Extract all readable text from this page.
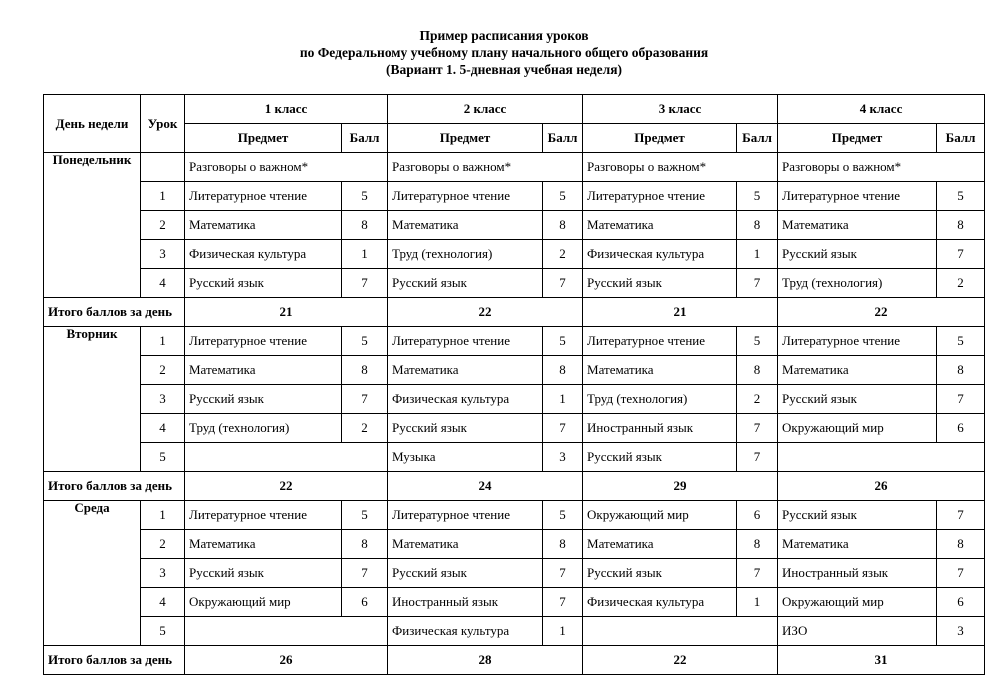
Пример расписания уроков
по Федеральному учебному плану начального общего образования
(Вариант 1. 5-дневная учебная неделя)
День недели	Урок	1 класс		2 класс		3 класс		4 класс	
		Предмет	Балл	Предмет	Балл	Предмет	Балл	Предмет	Балл
Понедельник		Разговоры о важном*		Разговоры о важном*		Разговоры о важном*		Разговоры о важном*	
	1	Литературное чтение	5	Литературное чтение	5	Литературное чтение	5	Литературное чтение	5
	2	Математика	8	Математика	8	Математика	8	Математика	8
	3	Физическая культура	1	Труд (технология)	2	Физическая культура	1	Русский язык	7
	4	Русский язык	7	Русский язык	7	Русский язык	7	Труд (технология)	2
Итого баллов за день		21		22		21		22	
Вторник	1	Литературное чтение	5	Литературное чтение	5	Литературное чтение	5	Литературное чтение	5
	2	Математика	8	Математика	8	Математика	8	Математика	8
	3	Русский язык	7	Физическая культура	1	Труд (технология)	2	Русский язык	7
	4	Труд (технология)	2	Русский язык	7	Иностранный язык	7	Окружающий мир	6
	5			Музыка	3	Русский язык	7		
Итого баллов за день		22		24		29		26	
Среда	1	Литературное чтение	5	Литературное чтение	5	Окружающий мир	6	Русский язык	7
	2	Математика	8	Математика	8	Математика	8	Математика	8
	3	Русский язык	7	Русский язык	7	Русский язык	7	Иностранный язык	7
	4	Окружающий мир	6	Иностранный язык	7	Физическая культура	1	Окружающий мир	6
	5			Физическая культура	1			ИЗО	3
Итого баллов за день		26		28		22		31	
